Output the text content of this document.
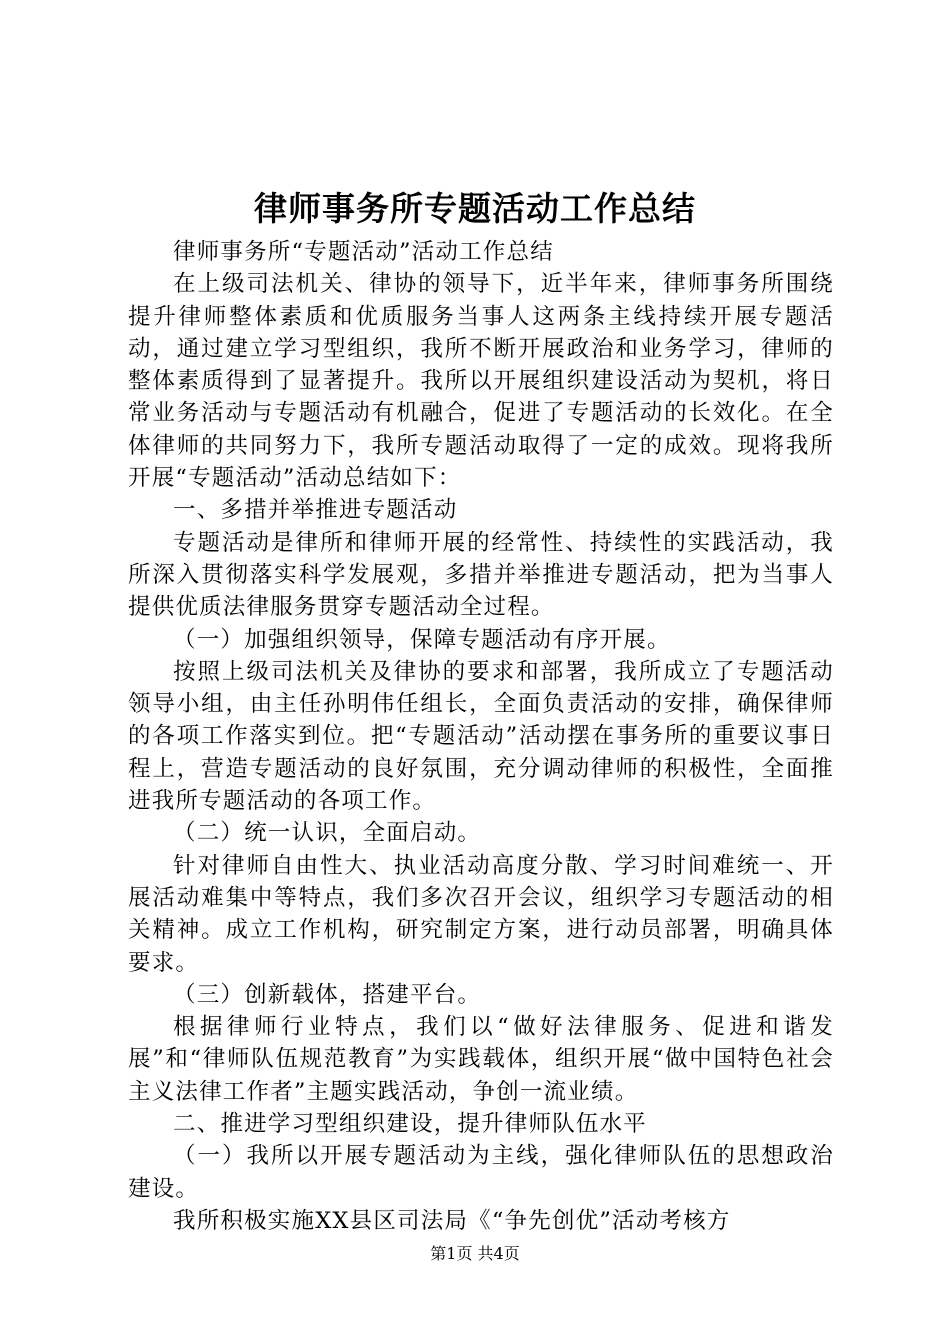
律师事务所专题活动工作总结

律师事务所“专题活动”活动工作总结

在上级司法机关、律协的领导下，近半年来，律师事务所围绕提升律师整体素质和优质服务当事人这两条主线持续开展专题活动，通过建立学习型组织，我所不断开展政治和业务学习，律师的整体素质得到了显著提升。我所以开展组织建设活动为契机，将日常业务活动与专题活动有机融合，促进了专题活动的长效化。在全体律师的共同努力下，我所专题活动取得了一定的成效。现将我所开展“专题活动”活动总结如下：

一、多措并举推进专题活动

专题活动是律所和律师开展的经常性、持续性的实践活动，我所深入贯彻落实科学发展观，多措并举推进专题活动，把为当事人提供优质法律服务贯穿专题活动全过程。

（一）加强组织领导，保障专题活动有序开展。

按照上级司法机关及律协的要求和部署，我所成立了专题活动领导小组，由主任孙明伟任组长，全面负责活动的安排，确保律师的各项工作落实到位。把“专题活动”活动摆在事务所的重要议事日程上，营造专题活动的良好氛围，充分调动律师的积极性，全面推进我所专题活动的各项工作。

（二）统一认识，全面启动。

针对律师自由性大、执业活动高度分散、学习时间难统一、开展活动难集中等特点，我们多次召开会议，组织学习专题活动的相关精神。成立工作机构，研究制定方案，进行动员部署，明确具体要求。

（三）创新载体，搭建平台。

根据律师行业特点，我们以“做好法律服务、促进和谐发展”和“律师队伍规范教育”为实践载体，组织开展“做中国特色社会主义法律工作者”主题实践活动，争创一流业绩。

二、推进学习型组织建设，提升律师队伍水平

（一）我所以开展专题活动为主线，强化律师队伍的思想政治建设。

我所积极实施XX县区司法局《“争先创优”活动考核方

第1页 共4页
